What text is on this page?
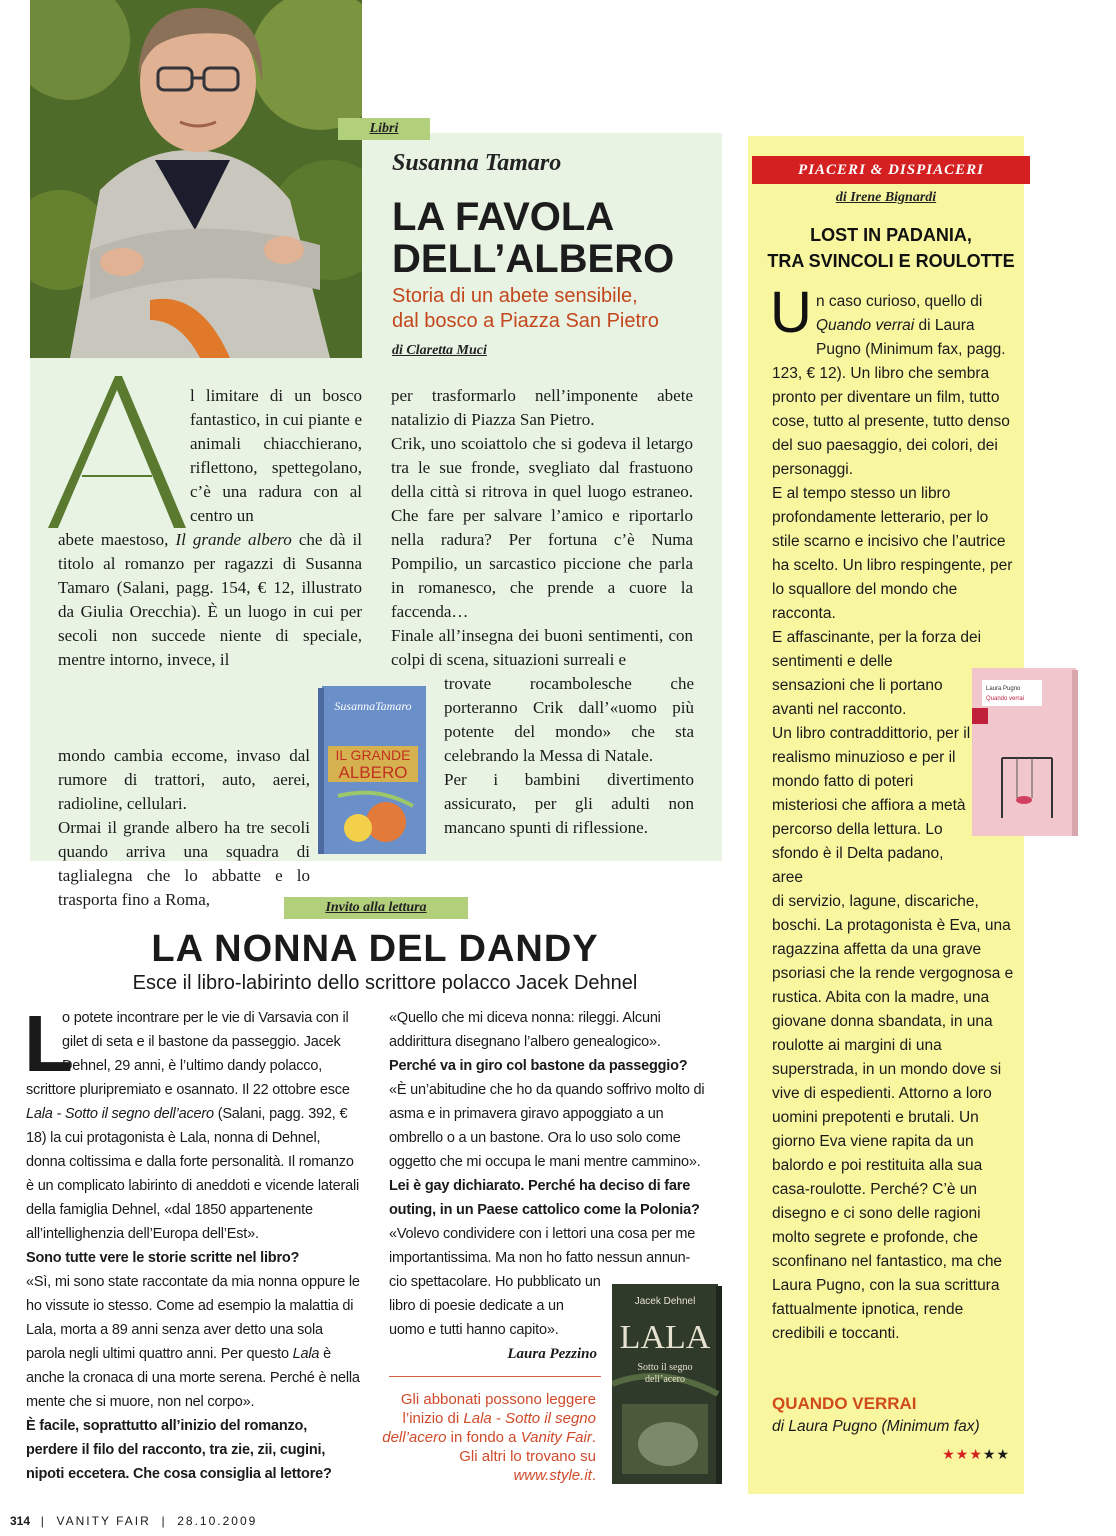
Libri
Susanna Tamaro
LA FAVOLA
DELL’ALBERO
Storia di un abete sensibile,
dal bosco a Piazza San Pietro
di Claretta Muci

l limitare di un bosco fantastico, in cui piante e animali chiacchierano, riflettono, spettegolano, c’è una radura con al centro un

abete maestoso, Il grande albero che dà il titolo al romanzo per ragazzi di Susanna Tamaro (Salani, pagg. 154, € 12, illustrato da Giulia Orecchia). È un luogo in cui per secoli non succede niente di speciale, mentre intorno, invece, il

mondo cambia eccome, invaso dal rumore di trattori, auto, aerei, radioline, cellulari.

Ormai il grande albero ha tre secoli quando arriva una squadra di taglialegna che lo abbatte e lo trasporta fino a Roma,

per trasformarlo nell’imponente abete natalizio di Piazza San Pietro.

Crik, uno scoiattolo che si godeva il letargo tra le sue fronde, svegliato dal frastuono della città si ritrova in quel luogo estraneo. Che fare per salvare l’amico e riportarlo nella radura? Per fortuna c’è Numa Pompilio, un sarcastico piccione che parla in romanesco, che prende a cuore la faccenda…

Finale all’insegna dei buoni sentimenti, con colpi di scena, situazioni surreali e

trovate rocambolesche che porteranno Crik dall’«uomo più potente del mondo» che sta celebrando la Messa di Natale.

Per i bambini divertimento assicurato, per gli adulti non mancano spunti di riflessione.

SusannaTamaro
IL GRANDE
ALBERO
PIACERI & DISPIACERI
di Irene Bignardi
LOST IN PADANIA,
TRA SVINCOLI E ROULOTTE
U n caso curioso, quello di Quando verrai di Laura Pugno (Minimum fax, pagg.

123, € 12). Un libro che sembra pronto per diventare un film, tutto cose, tutto al presente, tutto denso del suo paesaggio, dei colori, dei personaggi.

E al tempo stesso un libro profondamente letterario, per lo stile scarno e incisivo che l’autrice ha scelto. Un libro respingente, per lo squallore del mondo che racconta.

E affascinante, per la forza dei sentimenti e delle

sensazioni che li portano avanti nel racconto.

Un libro contraddittorio, per il realismo minuzioso e per il mondo fatto di poteri misteriosi che affiora a metà percorso della lettura. Lo sfondo è il Delta padano, aree

di servizio, lagune, discariche, boschi. La protagonista è Eva, una ragazzina affetta da una grave psoriasi che la rende vergognosa e rustica. Abita con la madre, una giovane donna sbandata, in una roulotte ai margini di una superstrada, in un mondo dove si vive di espedienti. Attorno a loro uomini prepotenti e brutali. Un giorno Eva viene rapita da un balordo e poi restituita alla sua casa-roulotte. Perché? C’è un disegno e ci sono delle ragioni molto segrete e profonde, che sconfinano nel fantastico, ma che Laura Pugno, con la sua scrittura fattualmente ipnotica, rende credibili e toccanti.

Laura Pugno
Quando verrai
QUANDO VERRAI
di Laura Pugno (Minimum fax)
★★★★★
Invito alla lettura
LA NONNA DEL DANDY
Esce il libro-labirinto dello scrittore polacco Jacek Dehnel
L

o potete incontrare per le vie di Varsavia con il gilet di seta e il bastone da passeggio. Jacek Dehnel, 29 anni, è l’ultimo dandy polacco,

scrittore pluripremiato e osannato. Il 22 ottobre esce Lala - Sotto il segno dell’acero (Salani, pagg. 392, € 18) la cui protagonista è Lala, nonna di Dehnel, donna coltissima e dalla forte personalità. Il romanzo è un complicato labirinto di aneddoti e vicende laterali della famiglia Dehnel, «dal 1850 appartenente all’intellighenzia dell’Europa dell’Est».

Sono tutte vere le storie scritte nel libro?

«Sì, mi sono state raccontate da mia nonna oppure le ho vissute io stesso. Come ad esempio la malattia di Lala, morta a 89 anni senza aver detto una sola parola negli ultimi quattro anni. Per questo Lala è anche la cronaca di una morte serena. Perché è nella mente che si muore, non nel corpo».

È facile, soprattutto all’inizio del romanzo, perdere il filo del racconto, tra zie, zii, cugini, nipoti eccetera. Che cosa consiglia al lettore?

«Quello che mi diceva nonna: rileggi. Alcuni addirittura disegnano l’albero genealogico».

Perché va in giro col bastone da passeggio?

«È un’abitudine che ho da quando soffrivo molto di asma e in primavera giravo appoggiato a un ombrello o a un bastone. Ora lo uso solo come oggetto che mi occupa le mani mentre cammino».

Lei è gay dichiarato. Perché ha deciso di fare outing, in un Paese cattolico come la Polonia?

«Volevo condividere con i lettori una cosa per me importantissima. Ma non ho fatto nessun annun-

cio spettacolare. Ho pubblicato un libro di poesie dedicate a un uomo e tutti hanno capito».

Laura Pezzino
Gli abbonati possono leggere l’inizio di Lala - Sotto il segno dell’acero in fondo a Vanity Fair. Gli altri lo trovano su www.style.it.
Jacek Dehnel
LALA
Sotto il segno
dell’acero
314  |  VANITY FAIR  |  28.10.2009
